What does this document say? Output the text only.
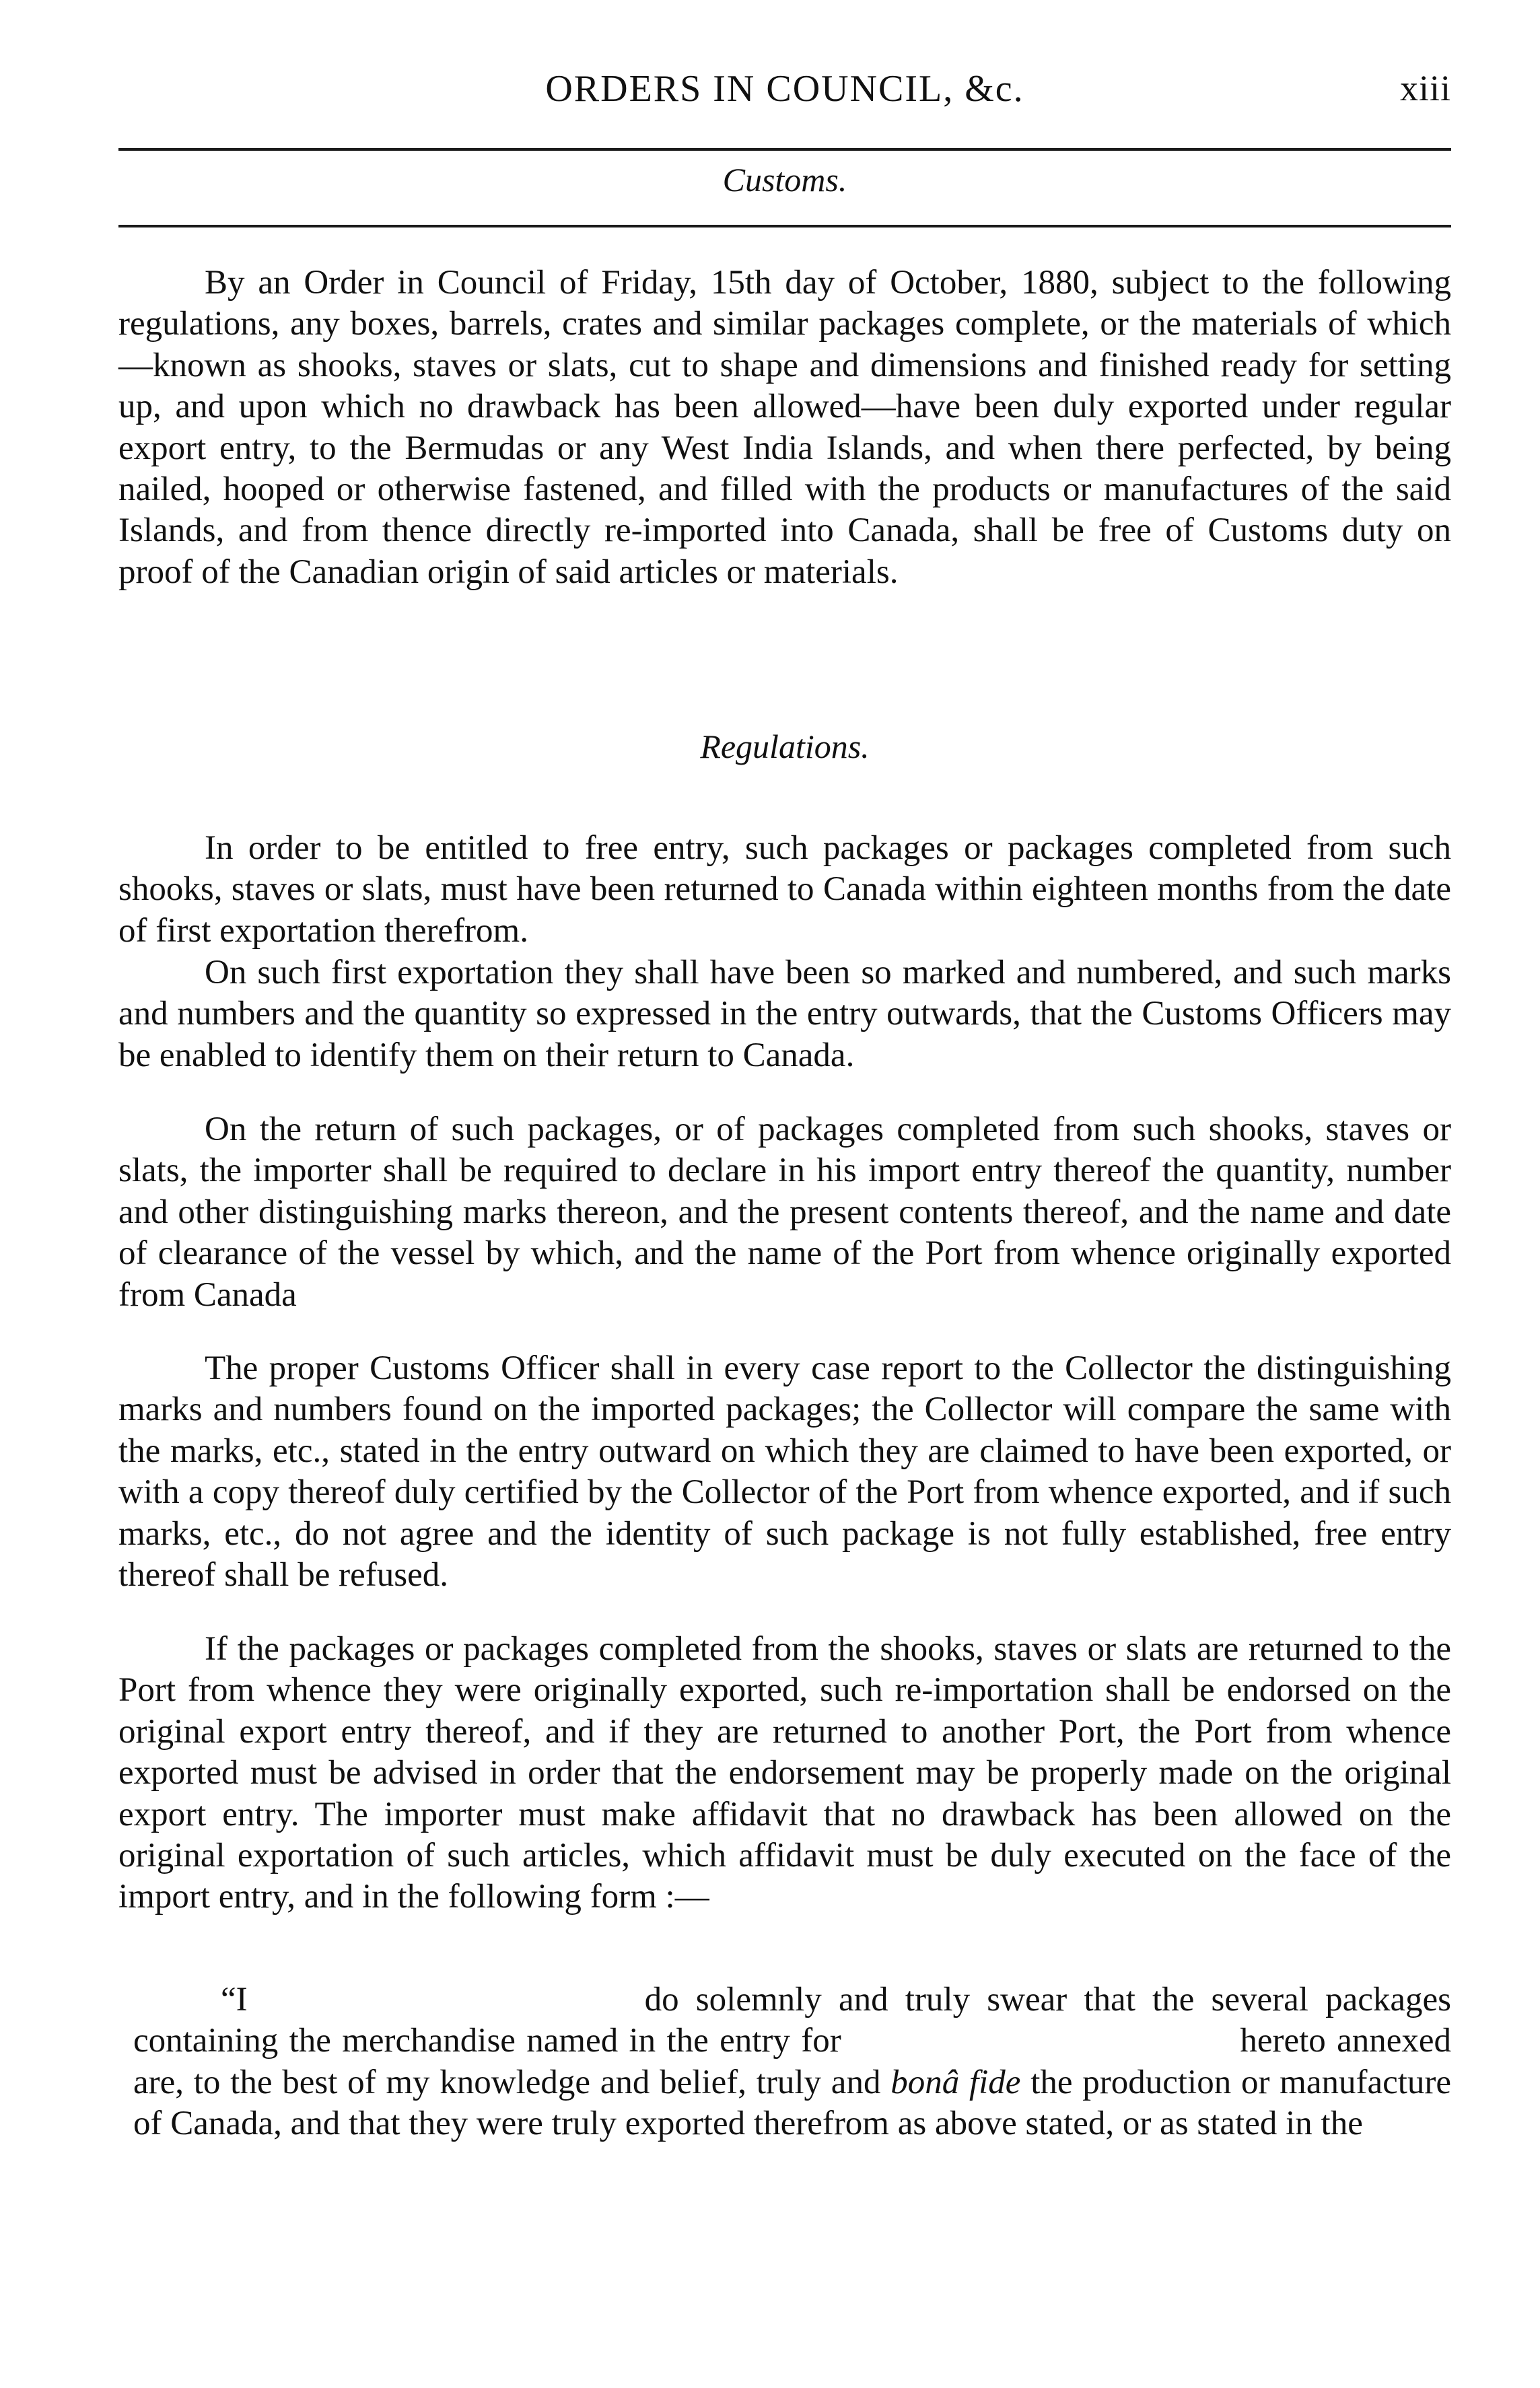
ORDERS IN COUNCIL, &c.	xiii
Customs.

By an Order in Council of Friday, 15th day of October, 1880, subject to the following regulations, any boxes, barrels, crates and similar packages complete, or the materials of which—known as shooks, staves or slats, cut to shape and dimensions and finished ready for setting up, and upon which no drawback has been allowed—have been duly exported under regular export entry, to the Bermudas or any West India Islands, and when there perfected, by being nailed, hooped or otherwise fastened, and filled with the products or manufactures of the said Islands, and from thence directly re-imported into Canada, shall be free of Customs duty on proof of the Canadian origin of said articles or materials.

Regulations.

In order to be entitled to free entry, such packages or packages completed from such shooks, staves or slats, must have been returned to Canada within eighteen months from the date of first exportation therefrom.

On such first exportation they shall have been so marked and numbered, and such marks and numbers and the quantity so expressed in the entry outwards, that the Customs Officers may be enabled to identify them on their return to Canada.

On the return of such packages, or of packages completed from such shooks, staves or slats, the importer shall be required to declare in his import entry thereof the quantity, number and other distinguishing marks thereon, and the present contents thereof, and the name and date of clearance of the vessel by which, and the name of the Port from whence originally exported from Canada

The proper Customs Officer shall in every case report to the Collector the distinguishing marks and numbers found on the imported packages; the Collector will compare the same with the marks, etc., stated in the entry outward on which they are claimed to have been exported, or with a copy thereof duly certified by the Collector of the Port from whence exported, and if such marks, etc., do not agree and the identity of such package is not fully established, free entry thereof shall be refused.

If the packages or packages completed from the shooks, staves or slats are returned to the Port from whence they were originally exported, such re-importation shall be endorsed on the original export entry thereof, and if they are returned to another Port, the Port from whence exported must be advised in order that the endorsement may be properly made on the original export entry. The importer must make affidavit that no drawback has been allowed on the original exportation of such articles, which affidavit must be duly executed on the face of the import entry, and in the following form :—

“I	do solemnly and truly swear that the several packages containing the merchandise named in the entry for	hereto annexed are, to the best of my knowledge and belief, truly and bonâ fide the production or manufacture of Canada, and that they were truly exported therefrom as above stated, or as stated in the
